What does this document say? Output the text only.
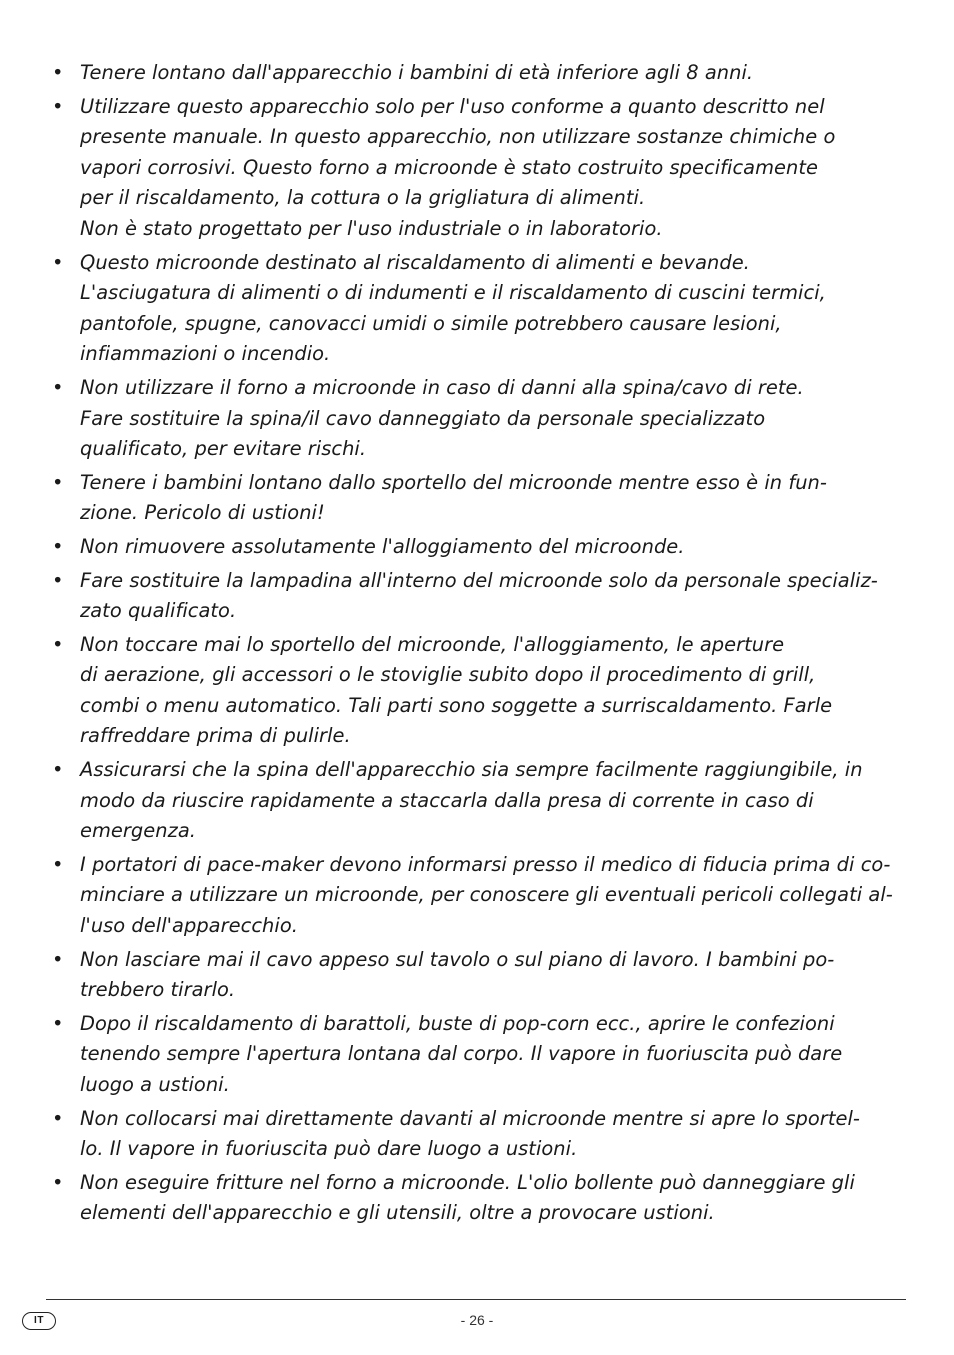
• Tenere lontano dall'apparecchio i bambini di età inferiore agli 8 anni.
• Utilizzare questo apparecchio solo per l'uso conforme a quanto descritto nel
presente manuale. In questo apparecchio, non utilizzare sostanze chimiche o
vapori corrosivi. Questo forno a microonde è stato costruito specificamente
per il riscaldamento, la cottura o la grigliatura di alimenti.
Non è stato progettato per l'uso industriale o in laboratorio.
• Questo microonde destinato al riscaldamento di alimenti e bevande.
L'asciugatura di alimenti o di indumenti e il riscaldamento di cuscini termici,
pantofole, spugne, canovacci umidi o simile potrebbero causare lesioni,
infiammazioni o incendio.
• Non utilizzare il forno a microonde in caso di danni alla spina/cavo di rete.
Fare sostituire la spina/il cavo danneggiato da personale specializzato
qualificato, per evitare rischi.
• Tenere i bambini lontano dallo sportello del microonde mentre esso è in fun-
zione. Pericolo di ustioni!
• Non rimuovere assolutamente l'alloggiamento del microonde.
• Fare sostituire la lampadina all'interno del microonde solo da personale specializ-
zato qualificato.
• Non toccare mai lo sportello del microonde, l'alloggiamento, le aperture
di aerazione, gli accessori o le stoviglie subito dopo il procedimento di grill,
combi o menu automatico. Tali parti sono soggette a surriscaldamento. Farle
raffreddare prima di pulirle.
• Assicurarsi che la spina dell'apparecchio sia sempre facilmente raggiungibile, in
modo da riuscire rapidamente a staccarla dalla presa di corrente in caso di
emergenza.
• I portatori di pace-maker devono informarsi presso il medico di fiducia prima di co-
minciare a utilizzare un microonde, per conoscere gli eventuali pericoli collegati al-
l'uso dell'apparecchio.
• Non lasciare mai il cavo appeso sul tavolo o sul piano di lavoro. I bambini po-
trebbero tirarlo.
• Dopo il riscaldamento di barattoli, buste di pop-corn ecc., aprire le confezioni
tenendo sempre l'apertura lontana dal corpo. Il vapore in fuoriuscita può dare
luogo a ustioni.
• Non collocarsi mai direttamente davanti al microonde mentre si apre lo sportel-
lo. Il vapore in fuoriuscita può dare luogo a ustioni.
• Non eseguire fritture nel forno a microonde. L'olio bollente può danneggiare gli
elementi dell'apparecchio e gli utensili, oltre a provocare ustioni.
IT	- 26 -
